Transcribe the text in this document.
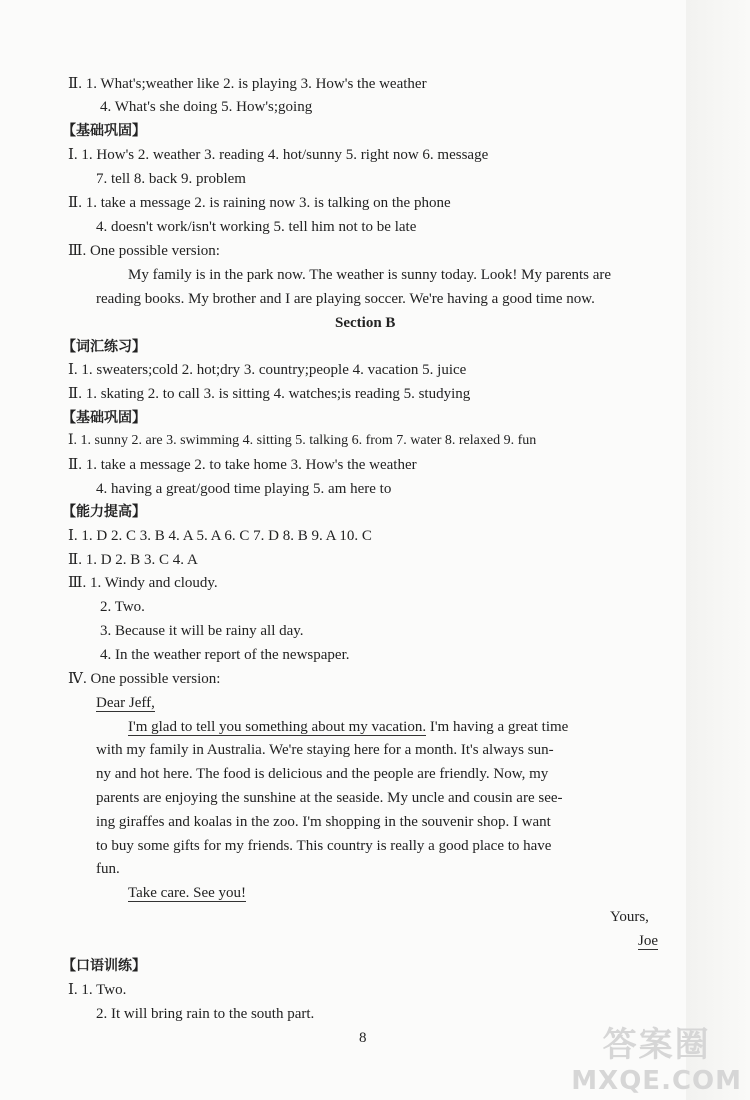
Ⅱ. 1. What's;weather like 2. is playing 3. How's the weather
4. What's she doing 5. How's;going
【基础巩固】
Ⅰ. 1. How's 2. weather 3. reading 4. hot/sunny 5. right now 6. message
7. tell 8. back 9. problem
Ⅱ. 1. take a message 2. is raining now 3. is talking on the phone
4. doesn't work/isn't working 5. tell him not to be late
Ⅲ. One possible version:
My family is in the park now. The weather is sunny today. Look! My parents are
reading books. My brother and I are playing soccer. We're having a good time now.
Section B
【词汇练习】
Ⅰ. 1. sweaters;cold 2. hot;dry 3. country;people 4. vacation 5. juice
Ⅱ. 1. skating 2. to call 3. is sitting 4. watches;is reading 5. studying
【基础巩固】
Ⅰ. 1. sunny 2. are 3. swimming 4. sitting 5. talking 6. from 7. water 8. relaxed 9. fun
Ⅱ. 1. take a message 2. to take home 3. How's the weather
4. having a great/good time playing 5. am here to
【能力提高】
Ⅰ. 1. D 2. C 3. B 4. A 5. A 6. C 7. D 8. B 9. A 10. C
Ⅱ. 1. D 2. B 3. C 4. A
Ⅲ. 1. Windy and cloudy.
2. Two.
3. Because it will be rainy all day.
4. In the weather report of the newspaper.
Ⅳ. One possible version:
Dear Jeff,
I'm glad to tell you something about my vacation. I'm having a great time
with my family in Australia. We're staying here for a month. It's always sun-
ny and hot here. The food is delicious and the people are friendly. Now, my
parents are enjoying the sunshine at the seaside. My uncle and cousin are see-
ing giraffes and koalas in the zoo. I'm shopping in the souvenir shop. I want
to buy some gifts for my friends. This country is really a good place to have
fun.
Take care. See you!
Yours,
Joe
【口语训练】
Ⅰ. 1. Two.
2. It will bring rain to the south part.
8	答案圈
MXQE.COM
